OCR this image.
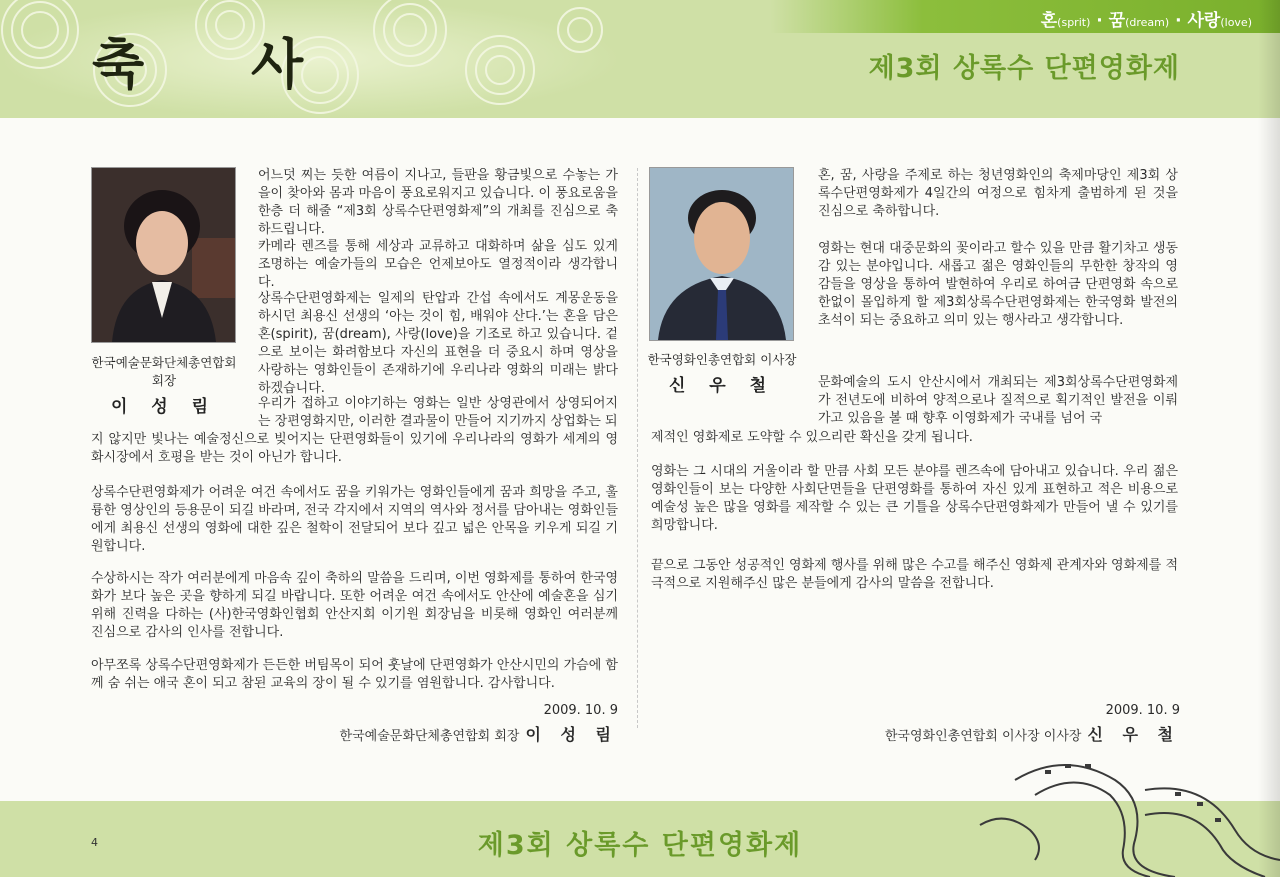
혼(sprit) · 꿈(dream) · 사랑(love)
축 사	제3회 상록수 단편영화제
한국예술문화단체총연합회 회장
이 성 림
어느덧 찌는 듯한 여름이 지나고, 들판을 황금빛으로 수놓는 가을이 찾아와 몸과 마음이 풍요로워지고 있습니다. 이 풍요로움을 한층 더 해줄 “제3회 상록수단편영화제”의 개최를 진심으로 축하드립니다.
카메라 렌즈를 통해 세상과 교류하고 대화하며 삶을 심도 있게 조명하는 예술가들의 모습은 언제보아도 열정적이라 생각합니다.
상록수단편영화제는 일제의 탄압과 간섭 속에서도 계몽운동을 하시던 최용신 선생의 ‘아는 것이 힘, 배워야 산다.’는 혼을 담은 혼(spirit), 꿈(dream), 사랑(love)을 기조로 하고 있습니다. 겉으로 보이는 화려함보다 자신의 표현을 더 중요시 하며 영상을 사랑하는 영화인들이 존재하기에 우리나라 영화의 미래는 밝다 하겠습니다.
우리가 접하고 이야기하는 영화는 일반 상영관에서 상영되어지는 장편영화지만, 이러한 결과물이 만들어 지기까지 상업화는 되
지 않지만 빛나는 예술정신으로 빚어지는 단편영화들이 있기에 우리나라의 영화가 세계의 영화시장에서 호평을 받는 것이 아닌가 합니다.
상록수단편영화제가 어려운 여건 속에서도 꿈을 키워가는 영화인들에게 꿈과 희망을 주고, 훌륭한 영상인의 등용문이 되길 바라며, 전국 각지에서 지역의 역사와 정서를 담아내는 영화인들에게 최용신 선생의 영화에 대한 깊은 철학이 전달되어 보다 깊고 넓은 안목을 키우게 되길 기원합니다.
수상하시는 작가 여러분에게 마음속 깊이 축하의 말씀을 드리며, 이번 영화제를 통하여 한국영화가 보다 높은 곳을 향하게 되길 바랍니다. 또한 어려운 여건 속에서도 안산에 예술혼을 심기위해 진력을 다하는 (사)한국영화인협회 안산지회 이기원 회장님을 비롯해 영화인 여러분께 진심으로 감사의 인사를 전합니다.
아무쪼록 상록수단편영화제가 든든한 버팀목이 되어 훗날에 단편영화가 안산시민의 가슴에 함께 숨 쉬는 애국 혼이 되고 참된 교육의 장이 될 수 있기를 염원합니다. 감사합니다.
2009. 10. 9
한국예술문화단체총연합회 회장 이 성 림
한국영화인총연합회 이사장
신 우 철
혼, 꿈, 사랑을 주제로 하는 청년영화인의 축제마당인 제3회 상록수단편영화제가 4일간의 여정으로 힘차게 출범하게 된 것을 진심으로 축하합니다.
영화는 현대 대중문화의 꽃이라고 할수 있을 만큼 활기차고 생동감 있는 분야입니다. 새롭고 젊은 영화인들의 무한한 창작의 영감들을 영상을 통하여 발현하여 우리로 하여금 단편영화 속으로 한없이 몰입하게 할 제3회상록수단편영화제는 한국영화 발전의 초석이 되는 중요하고 의미 있는 행사라고 생각합니다.
문화예술의 도시 안산시에서 개최되는 제3회상록수단편영화제가 전년도에 비하여 양적으로나 질적으로 획기적인 발전을 이뤄가고 있음을 볼 때 향후 이영화제가 국내를 넘어 국
제적인 영화제로 도약할 수 있으리란 확신을 갖게 됩니다.
영화는 그 시대의 거울이라 할 만큼 사회 모든 분야를 렌즈속에 담아내고 있습니다. 우리 젊은 영화인들이 보는 다양한 사회단면들을 단편영화를 통하여 자신 있게 표현하고 적은 비용으로 예술성 높은 많을 영화를 제작할 수 있는 큰 기틀을 상록수단편영화제가 만들어 낼 수 있기를 희망합니다.
끝으로 그동안 성공적인 영화제 행사를 위해 많은 수고를 해주신 영화제 관계자와 영화제를 적극적으로 지원해주신 많은 분들에게 감사의 말씀을 전합니다.
2009. 10. 9
한국영화인총연합회 이사장 이사장 신 우 철
제3회 상록수 단편영화제
4
